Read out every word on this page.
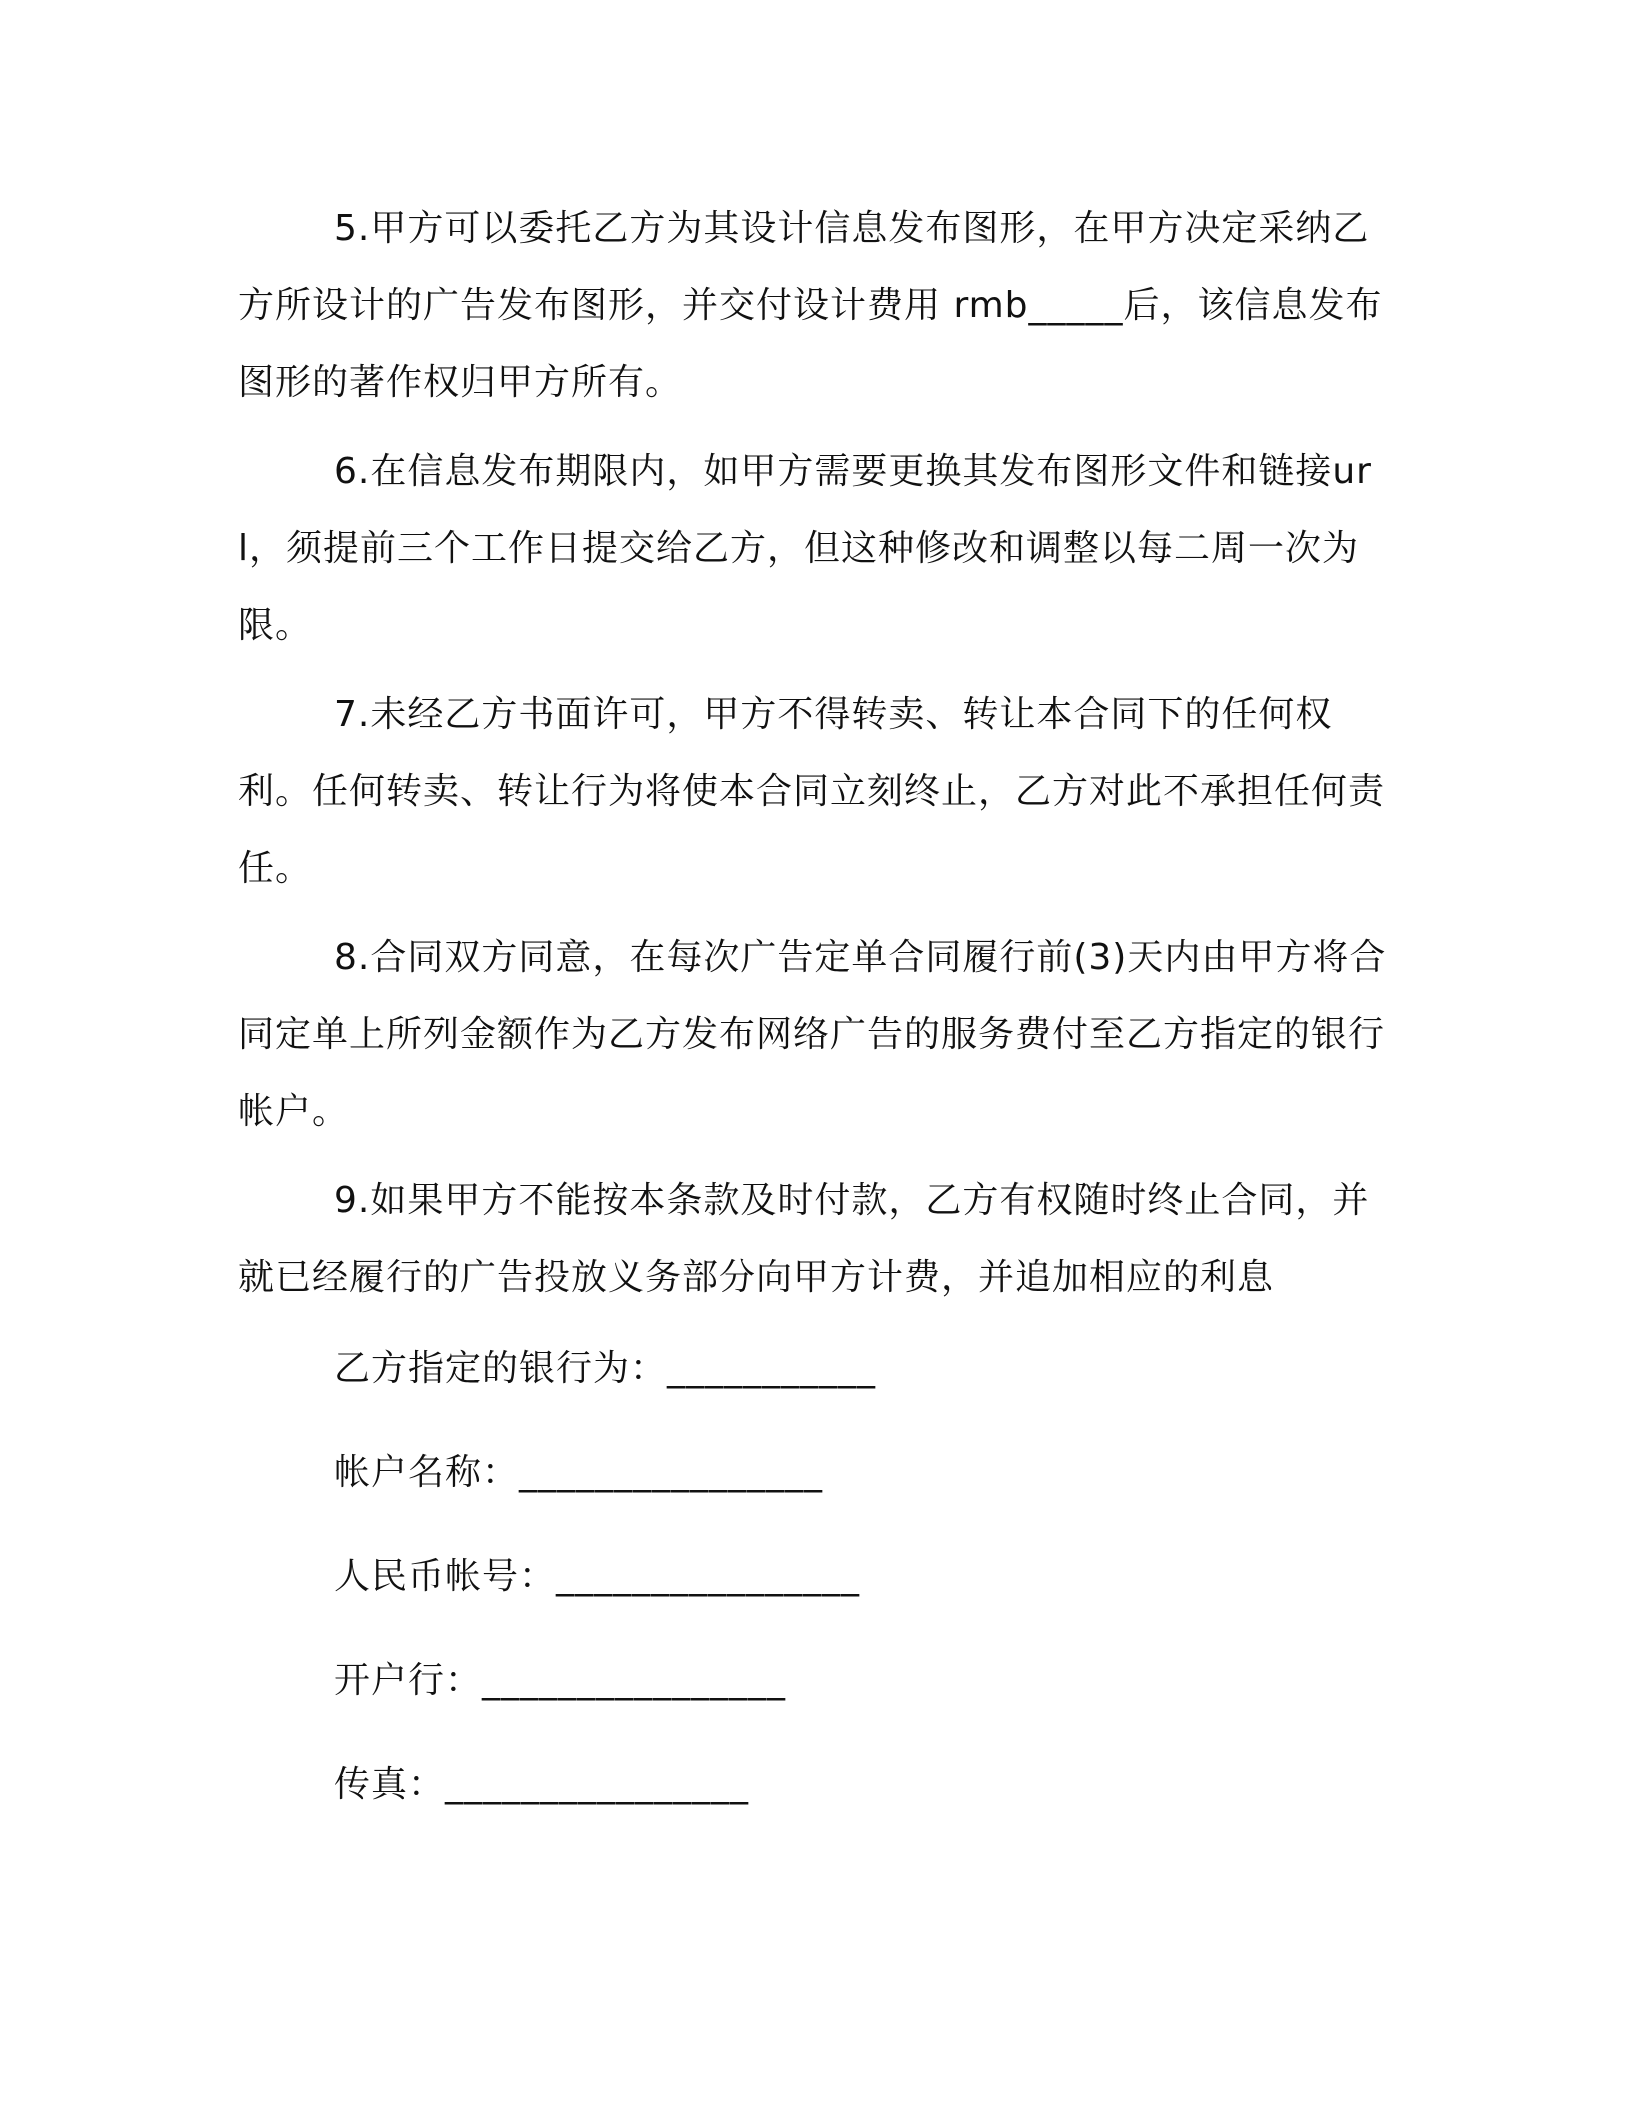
5.甲方可以委托乙方为其设计信息发布图形，在甲方决定采纳乙方所设计的广告发布图形，并交付设计费用 rmb_____后，该信息发布图形的著作权归甲方所有。

6.在信息发布期限内，如甲方需要更换其发布图形文件和链接url，须提前三个工作日提交给乙方，但这种修改和调整以每二周一次为限。

7.未经乙方书面许可，甲方不得转卖、转让本合同下的任何权利。任何转卖、转让行为将使本合同立刻终止，乙方对此不承担任何责任。

8.合同双方同意，在每次广告定单合同履行前(3)天内由甲方将合同定单上所列金额作为乙方发布网络广告的服务费付至乙方指定的银行帐户。

9.如果甲方不能按本条款及时付款，乙方有权随时终止合同，并就已经履行的广告投放义务部分向甲方计费，并追加相应的利息

乙方指定的银行为：___________
帐户名称：________________
人民币帐号：________________
开户行：________________
传真：________________
